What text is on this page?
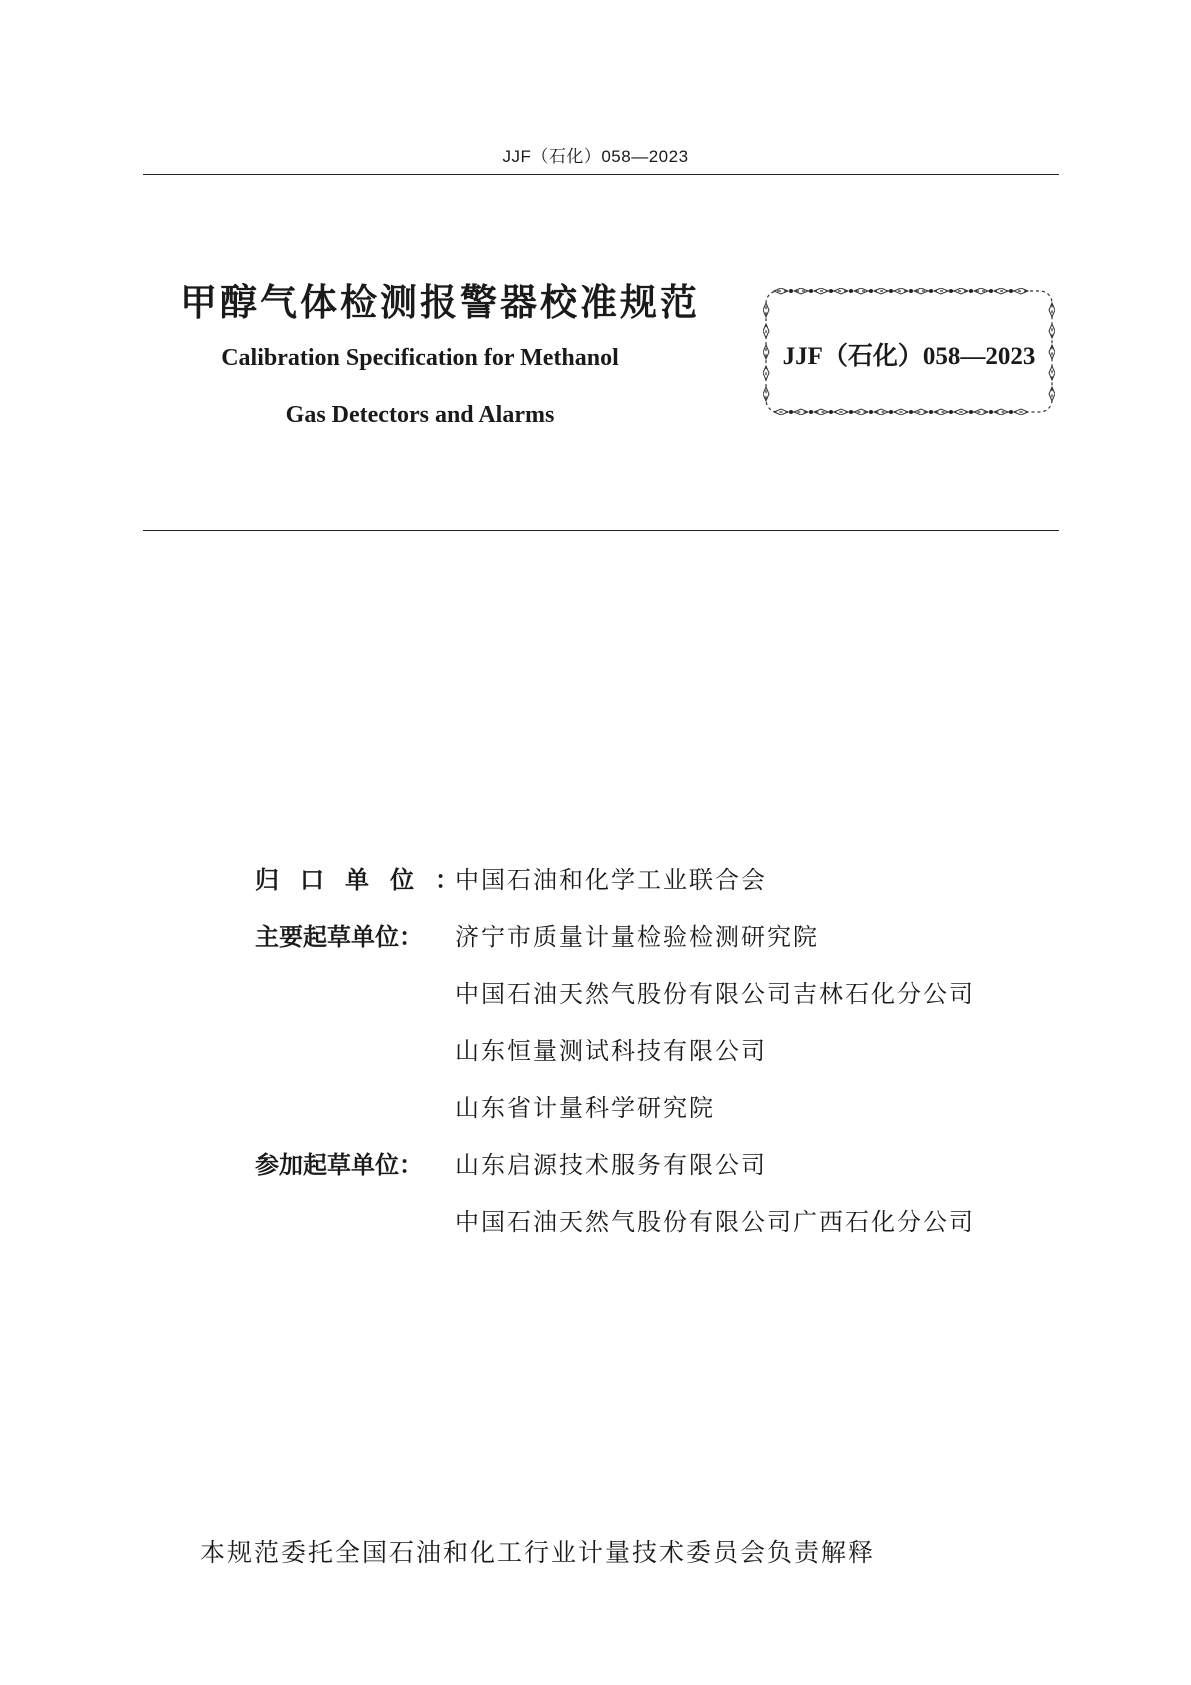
JJF（石化）058—2023
甲醇气体检测报警器校准规范
Calibration Specification for Methanol
Gas Detectors and Alarms
JJF（石化）058—2023
归口单位：中国石油和化学工业联合会
主要起草单位： 济宁市质量计量检验检测研究院
中国石油天然气股份有限公司吉林石化分公司
山东恒量测试科技有限公司
山东省计量科学研究院
参加起草单位： 山东启源技术服务有限公司
中国石油天然气股份有限公司广西石化分公司
本规范委托全国石油和化工行业计量技术委员会负责解释
